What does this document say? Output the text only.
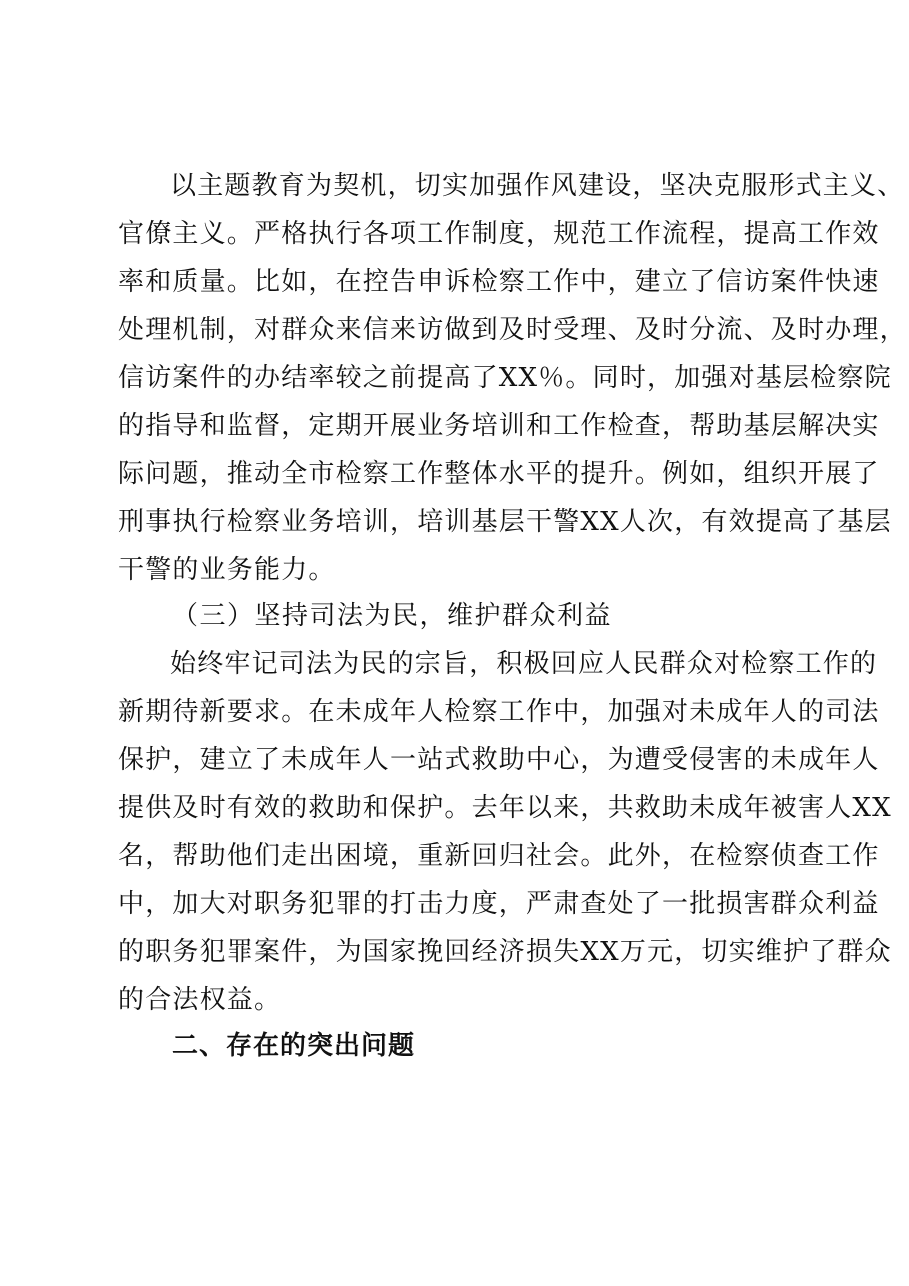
以主题教育为契机，切实加强作风建设，坚决克服形式主义、
官僚主义。严格执行各项工作制度，规范工作流程，提高工作效
率和质量。比如，在控告申诉检察工作中，建立了信访案件快速
处理机制，对群众来信来访做到及时受理、及时分流、及时办理，
信访案件的办结率较之前提高了XX％。同时，加强对基层检察院
的指导和监督，定期开展业务培训和工作检查，帮助基层解决实
际问题，推动全市检察工作整体水平的提升。例如，组织开展了
刑事执行检察业务培训，培训基层干警XX人次，有效提高了基层
干警的业务能力。
（三）坚持司法为民，维护群众利益
始终牢记司法为民的宗旨，积极回应人民群众对检察工作的
新期待新要求。在未成年人检察工作中，加强对未成年人的司法
保护，建立了未成年人一站式救助中心，为遭受侵害的未成年人
提供及时有效的救助和保护。去年以来，共救助未成年被害人XX
名，帮助他们走出困境，重新回归社会。此外，在检察侦查工作
中，加大对职务犯罪的打击力度，严肃查处了一批损害群众利益
的职务犯罪案件，为国家挽回经济损失XX万元，切实维护了群众
的合法权益。
二、存在的突出问题
